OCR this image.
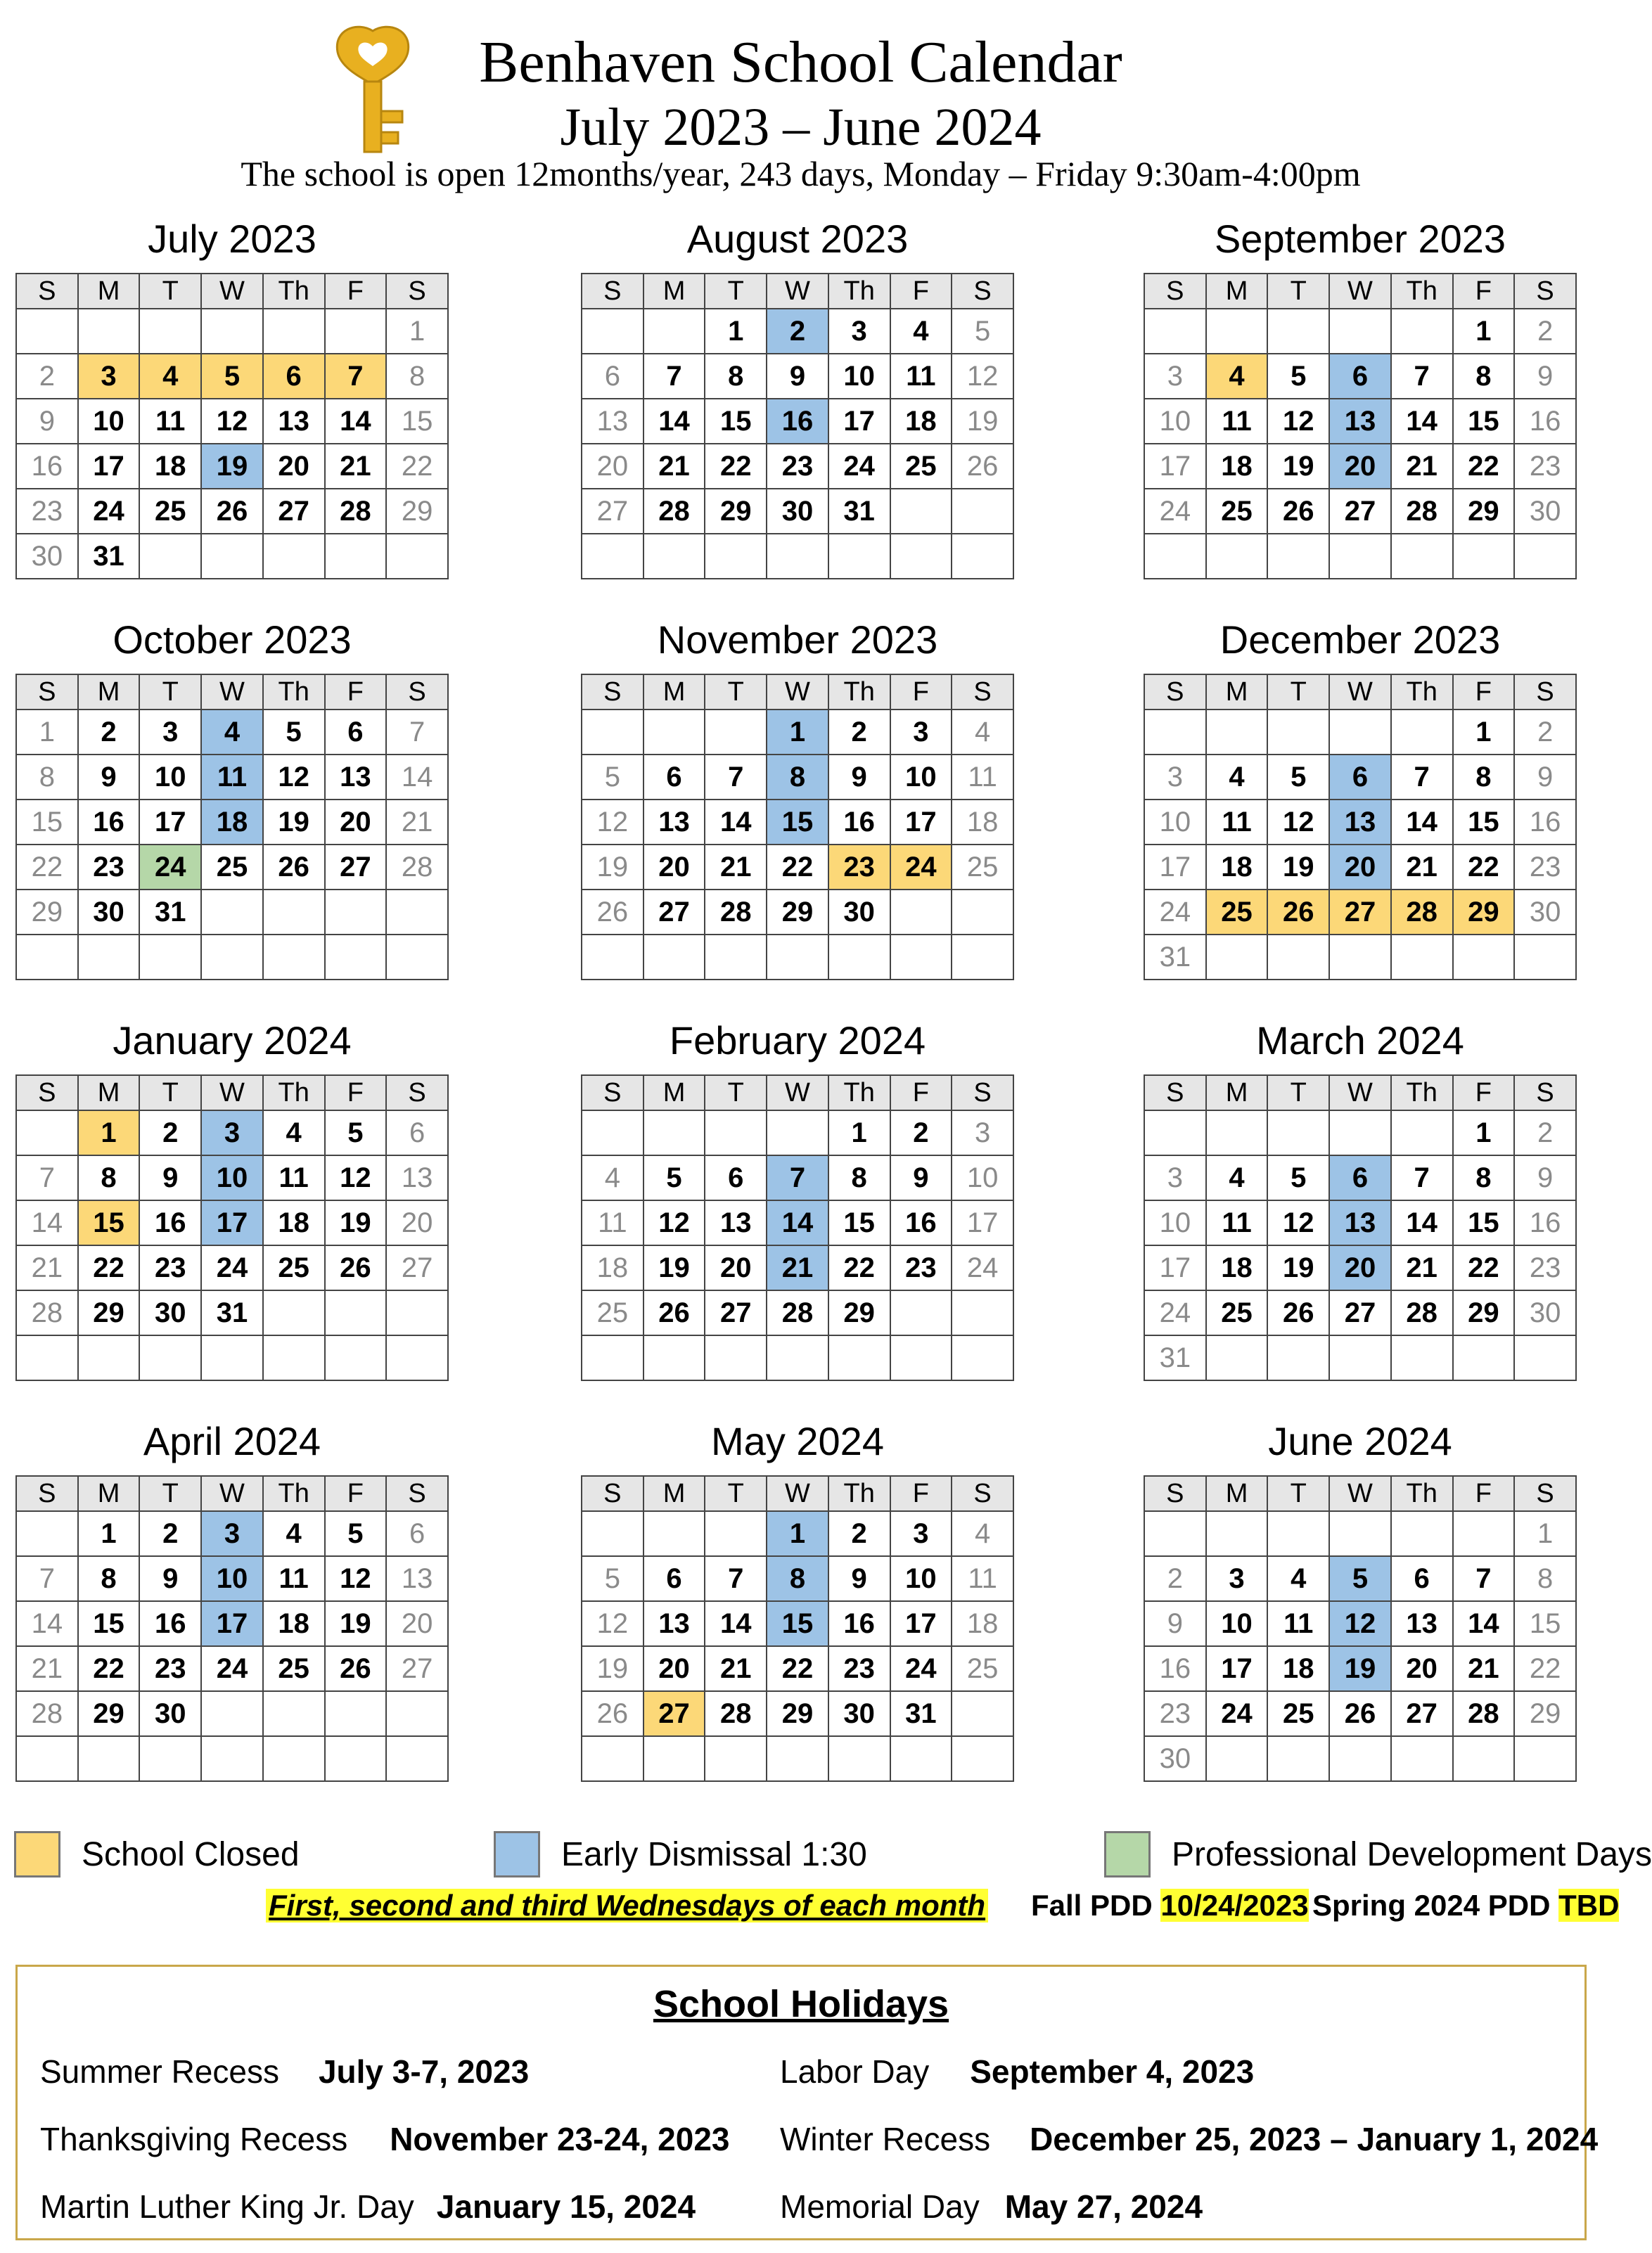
Benhaven School Calendar
July 2023 – June 2024
The school is open 12months/year, 243 days, Monday – Friday 9:30am-4:00pm
July 2023
S	M	T	W	Th	F	S
						1
2	3	4	5	6	7	8
9	10	11	12	13	14	15
16	17	18	19	20	21	22
23	24	25	26	27	28	29
30	31					
August 2023
S	M	T	W	Th	F	S
		1	2	3	4	5
6	7	8	9	10	11	12
13	14	15	16	17	18	19
20	21	22	23	24	25	26
27	28	29	30	31		

September 2023
S	M	T	W	Th	F	S
					1	2
3	4	5	6	7	8	9
10	11	12	13	14	15	16
17	18	19	20	21	22	23
24	25	26	27	28	29	30

October 2023
S	M	T	W	Th	F	S
1	2	3	4	5	6	7
8	9	10	11	12	13	14
15	16	17	18	19	20	21
22	23	24	25	26	27	28
29	30	31				

November 2023
S	M	T	W	Th	F	S
			1	2	3	4
5	6	7	8	9	10	11
12	13	14	15	16	17	18
19	20	21	22	23	24	25
26	27	28	29	30		

December 2023
S	M	T	W	Th	F	S
					1	2
3	4	5	6	7	8	9
10	11	12	13	14	15	16
17	18	19	20	21	22	23
24	25	26	27	28	29	30
31						
January 2024
S	M	T	W	Th	F	S
	1	2	3	4	5	6
7	8	9	10	11	12	13
14	15	16	17	18	19	20
21	22	23	24	25	26	27
28	29	30	31			

February 2024
S	M	T	W	Th	F	S
				1	2	3
4	5	6	7	8	9	10
11	12	13	14	15	16	17
18	19	20	21	22	23	24
25	26	27	28	29		

March 2024
S	M	T	W	Th	F	S
					1	2
3	4	5	6	7	8	9
10	11	12	13	14	15	16
17	18	19	20	21	22	23
24	25	26	27	28	29	30
31						
April 2024
S	M	T	W	Th	F	S
	1	2	3	4	5	6
7	8	9	10	11	12	13
14	15	16	17	18	19	20
21	22	23	24	25	26	27
28	29	30				

May 2024
S	M	T	W	Th	F	S
			1	2	3	4
5	6	7	8	9	10	11
12	13	14	15	16	17	18
19	20	21	22	23	24	25
26	27	28	29	30	31	

June 2024
S	M	T	W	Th	F	S
						1
2	3	4	5	6	7	8
9	10	11	12	13	14	15
16	17	18	19	20	21	22
23	24	25	26	27	28	29
30						
School Closed	Early Dismissal 1:30	Professional Development Days
First, second and third Wednesdays of each month Fall PDD 10/24/2023 Spring 2024 PDD TBD
School Holidays
Summer Recess July 3-7, 2023	Labor Day September 4, 2023
Thanksgiving Recess November 23-24, 2023 Winter Recess December 25, 2023 – January 1, 2024
Martin Luther King Jr. Day January 15, 2024	Memorial Day May 27, 2024
